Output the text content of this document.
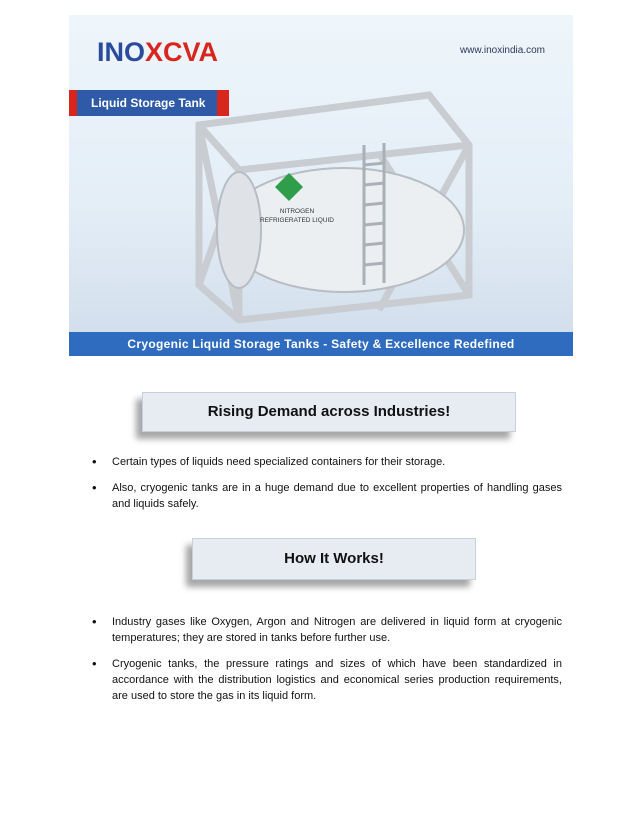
INOXCVA	www.inoxindia.com
Liquid Storage Tank
NITROGEN
REFRIGERATED LIQUID
Cryogenic Liquid Storage Tanks - Safety & Excellence Redefined
Rising Demand across Industries!
• Certain types of liquids need specialized containers for their storage.
• Also, cryogenic tanks are in a huge demand due to excellent properties of handling gases and liquids safely.
How It Works!
• Industry gases like Oxygen, Argon and Nitrogen are delivered in liquid form at cryogenic temperatures; they are stored in tanks before further use.
• Cryogenic tanks, the pressure ratings and sizes of which have been standardized in accordance with the distribution logistics and economical series production requirements, are used to store the gas in its liquid form.
